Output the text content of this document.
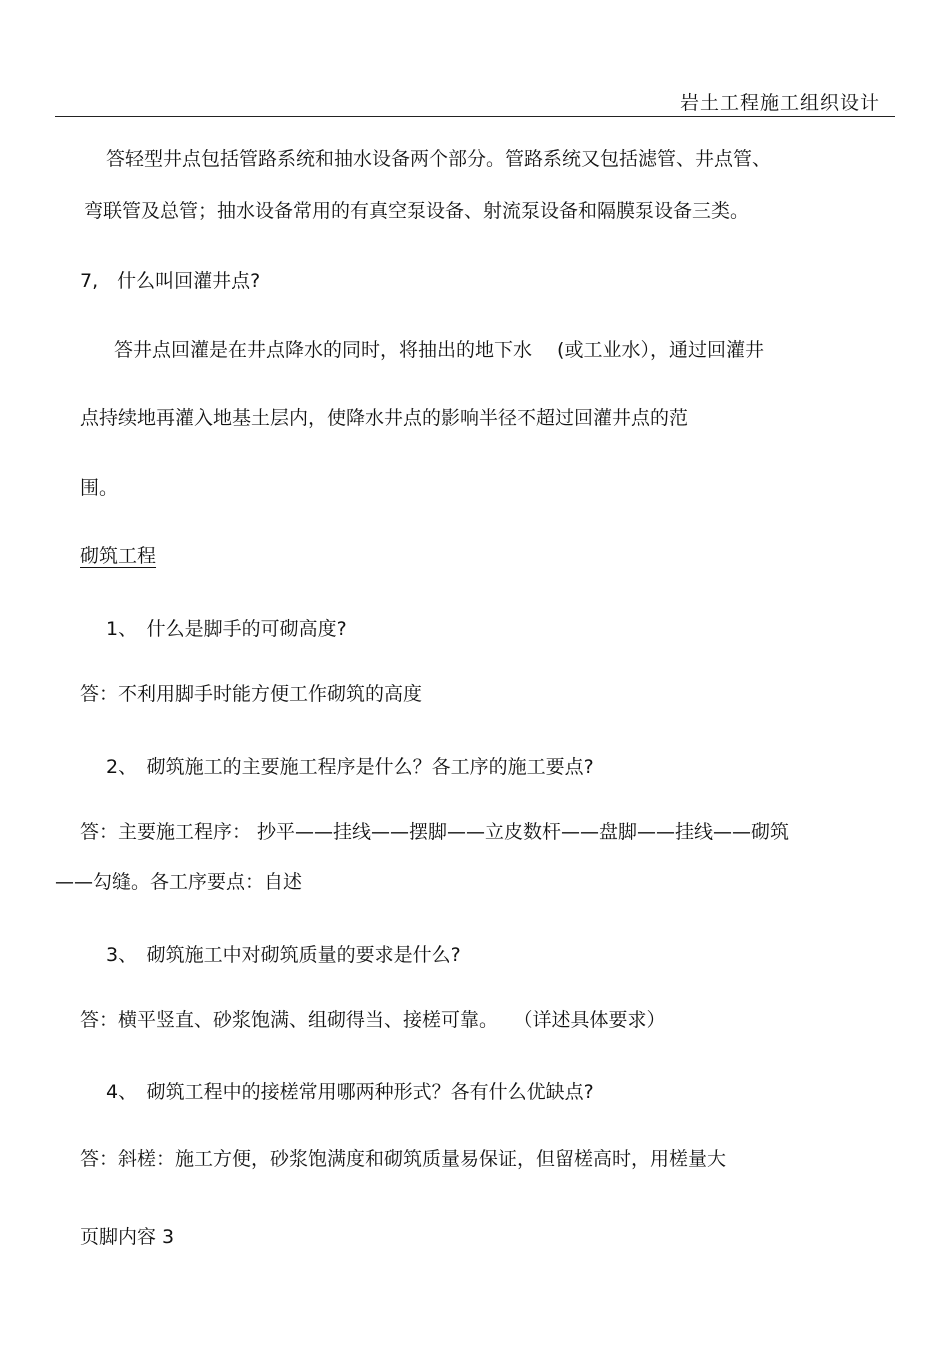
岩土工程施工组织设计
答轻型井点包括管路系统和抽水设备两个部分。管路系统又包括滤管、井点管、
弯联管及总管；抽水设备常用的有真空泵设备、射流泵设备和隔膜泵设备三类。
7,　什么叫回灌井点?
答井点回灌是在井点降水的同时，将抽出的地下水　 (或工业水），通过回灌井
点持续地再灌入地基土层内，使降水井点的影响半径不超过回灌井点的范
围。
砌筑工程
1、　什么是脚手的可砌高度?
答：不利用脚手时能方便工作砌筑的高度
2、　砌筑施工的主要施工程序是什么？各工序的施工要点?
答：主要施工程序： 抄平——挂线——摆脚——立皮数杆——盘脚——挂线——砌筑
——勾缝。各工序要点：自述
3、　砌筑施工中对砌筑质量的要求是什么?
答：横平竖直、砂浆饱满、组砌得当、接槎可靠。　 （详述具体要求）
4、　砌筑工程中的接槎常用哪两种形式？各有什么优缺点?
答：斜槎：施工方便，砂浆饱满度和砌筑质量易保证，但留槎高时，用槎量大
页脚内容 3
